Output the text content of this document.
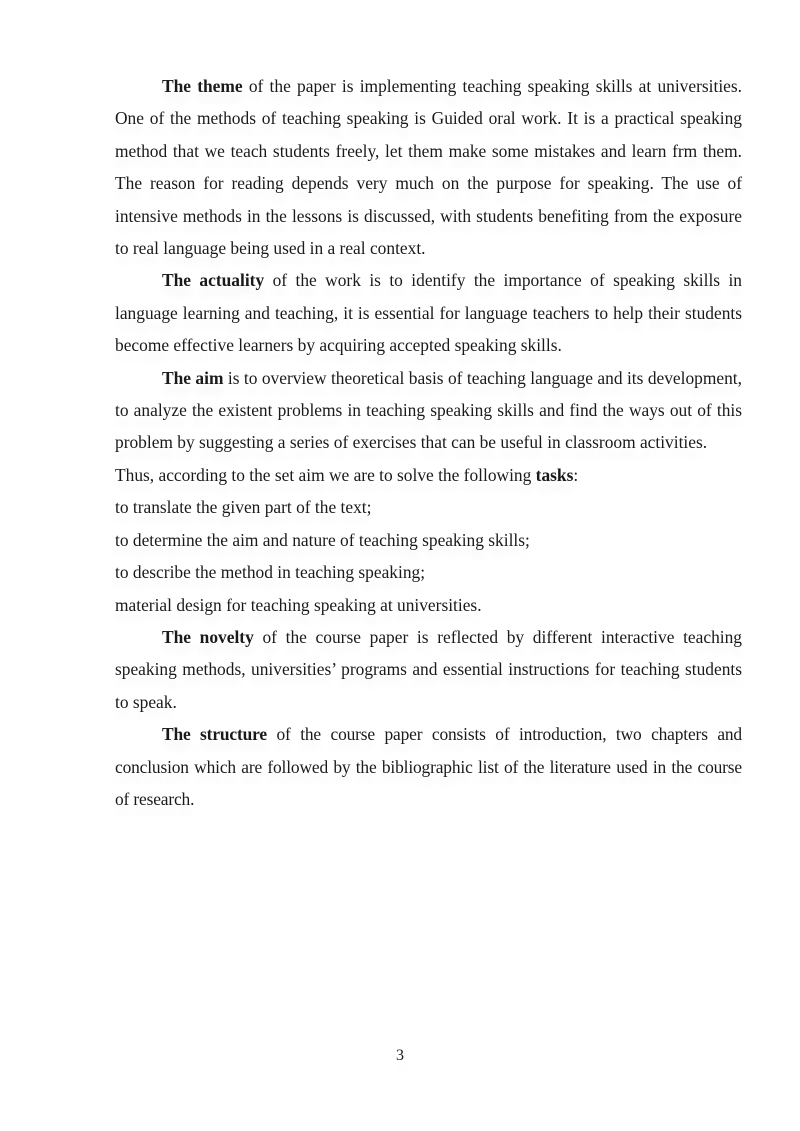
The theme of the paper is implementing teaching speaking skills at universities. One of the methods of teaching speaking is Guided oral work. It is a practical speaking method that we teach students freely, let them make some mistakes and learn frm them. The reason for reading depends very much on the purpose for speaking. The use of intensive methods in the lessons is discussed, with students benefiting from the exposure to real language being used in a real context.

The actuality of the work is to identify the importance of speaking skills in language learning and teaching, it is essential for language teachers to help their students become effective learners by acquiring accepted speaking skills.

The aim is to overview theoretical basis of teaching language and its development, to analyze the existent problems in teaching speaking skills and find the ways out of this problem by suggesting a series of exercises that can be useful in classroom activities.

Thus, according to the set aim we are to solve the following tasks:

to translate the given part of the text;

to determine the aim and nature of teaching speaking skills;

to describe the method in teaching speaking;

material design for teaching speaking at universities.

The novelty of the course paper is reflected by different interactive teaching speaking methods, universities’ programs and essential instructions for teaching students to speak.

The structure of the course paper consists of introduction, two chapters and conclusion which are followed by the bibliographic list of the literature used in the course of research.

3
